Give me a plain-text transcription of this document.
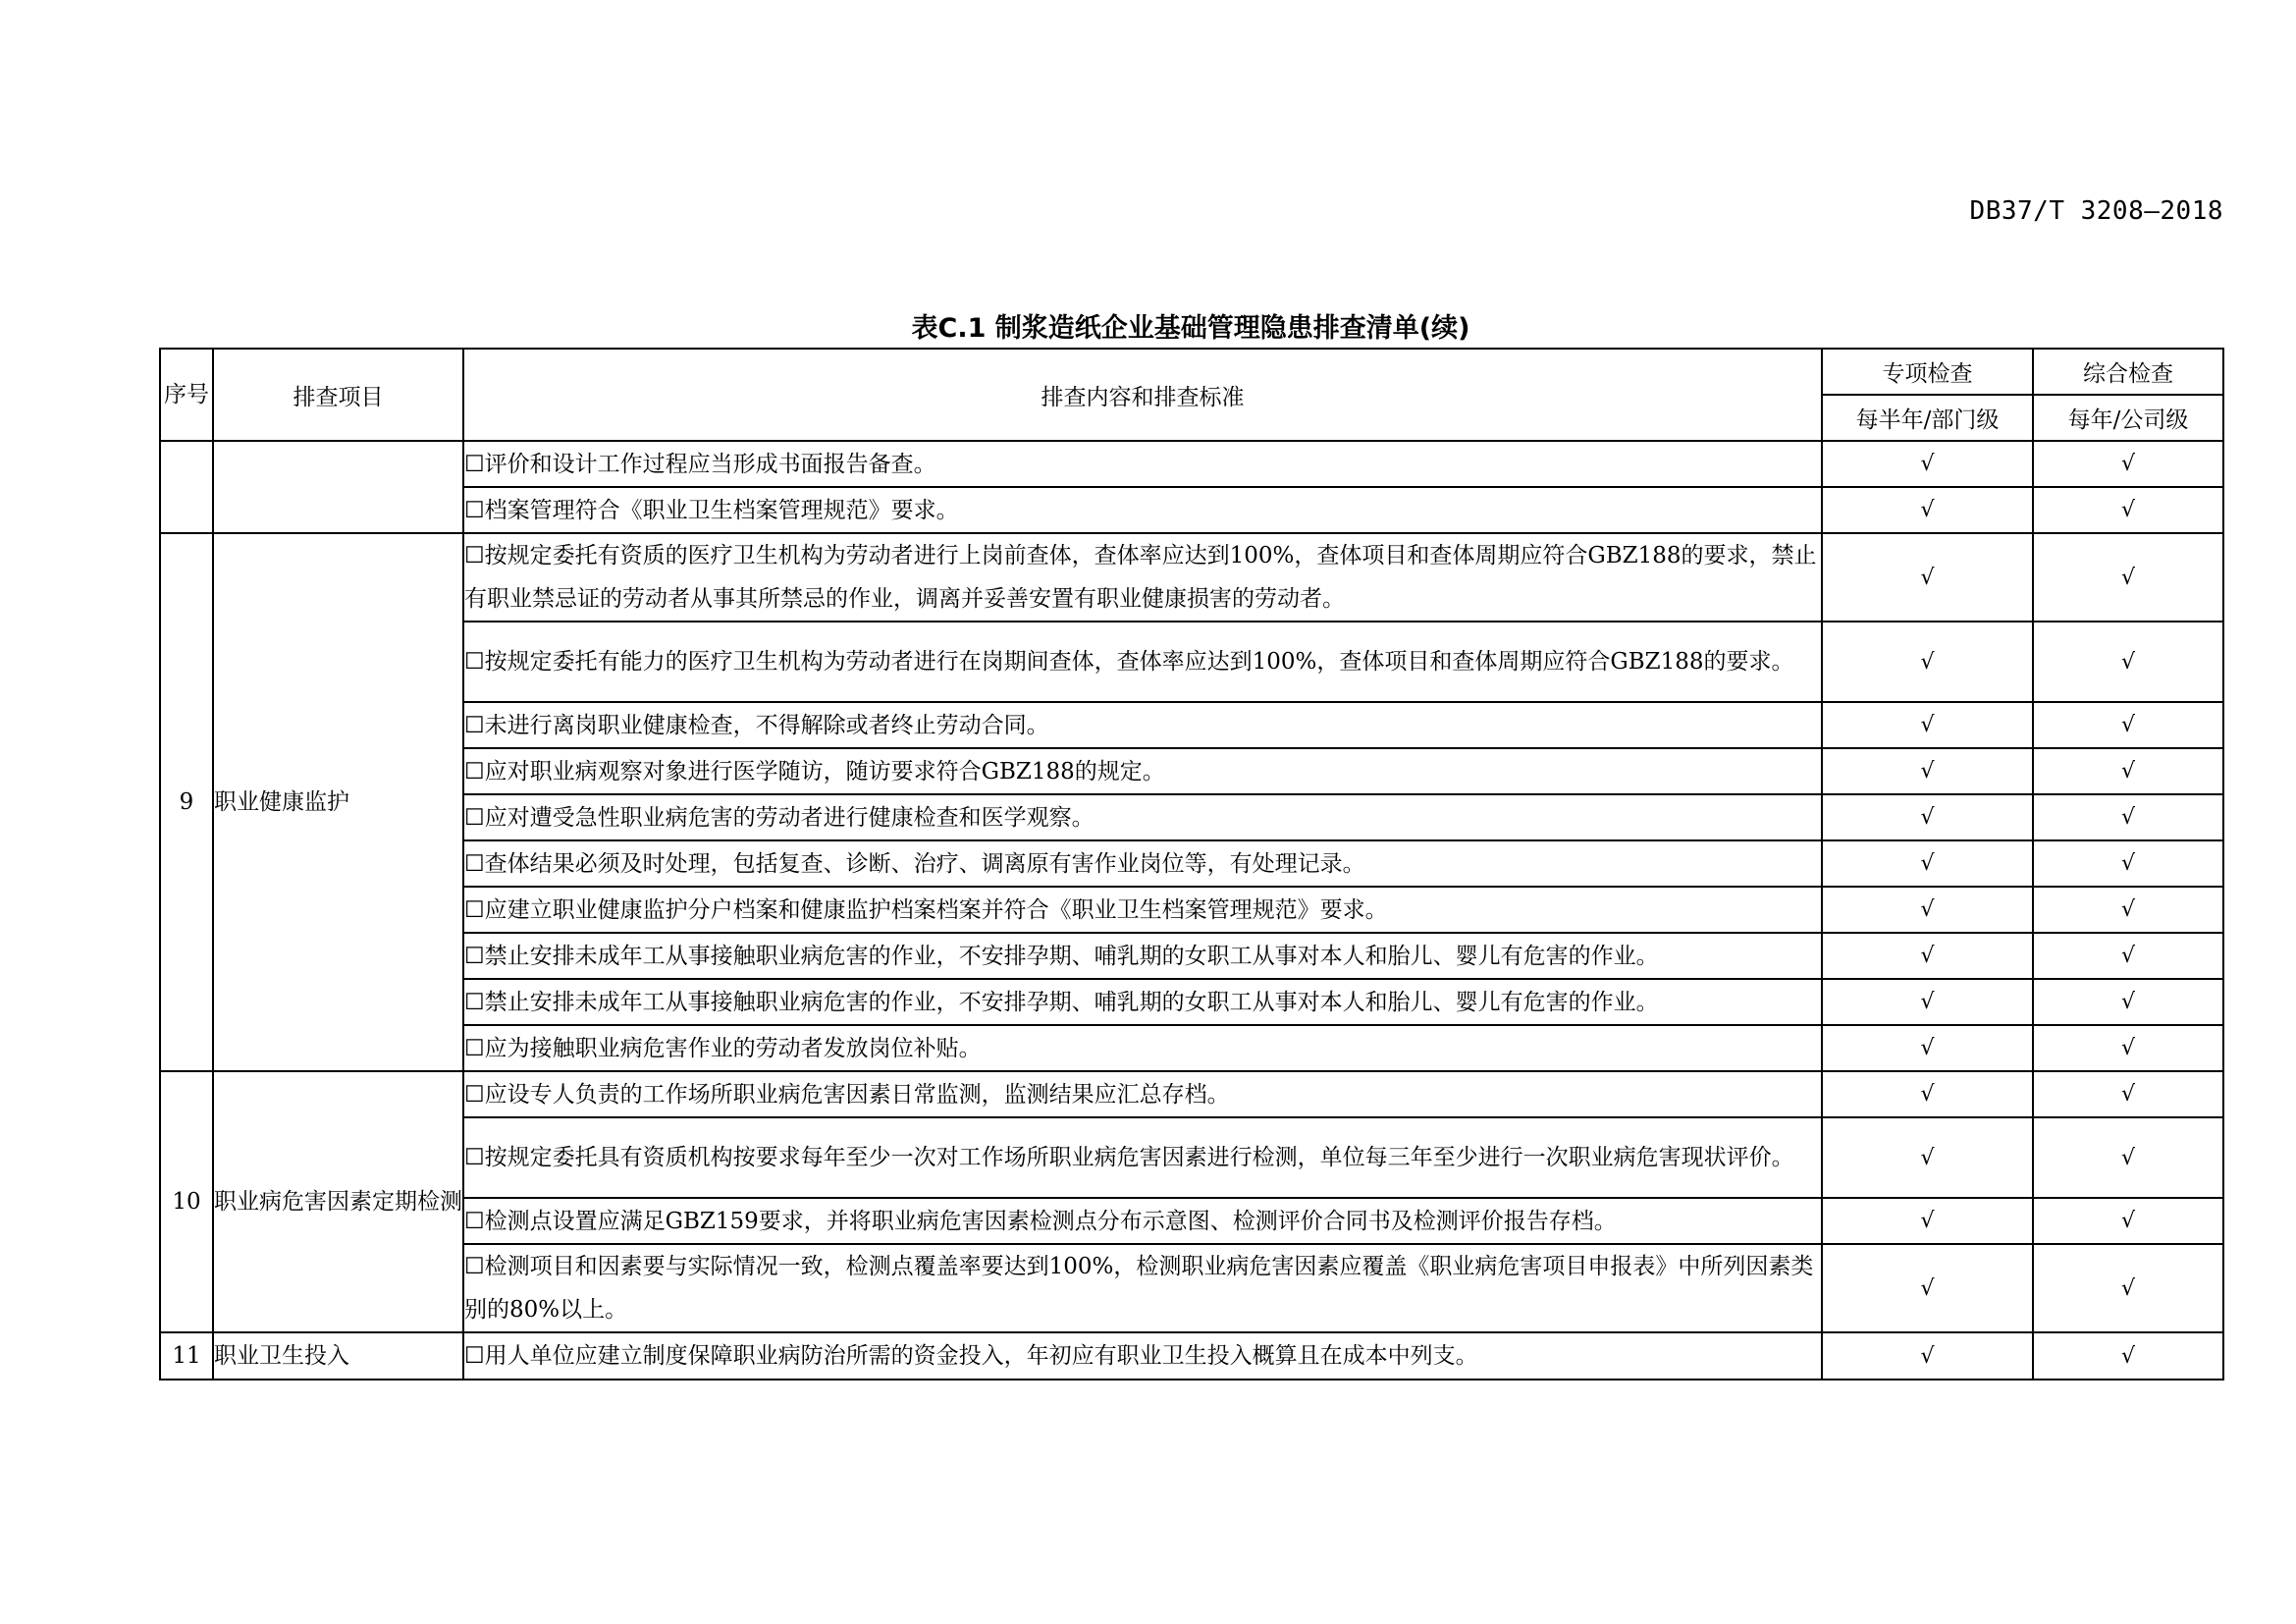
DB37/T 3208—2018
表C.1 制浆造纸企业基础管理隐患排查清单(续)
序号	排查项目	排查内容和排查标准	专项检查	综合检查
			每半年/部门级	每年/公司级
		☐评价和设计工作过程应当形成书面报告备查。	√	√
		☐档案管理符合《职业卫生档案管理规范》要求。	√	√
9	职业健康监护	☐按规定委托有资质的医疗卫生机构为劳动者进行上岗前查体，查体率应达到100%，查体项目和查体周期应符合GBZ188的要求，禁止有职业禁忌证的劳动者从事其所禁忌的作业，调离并妥善安置有职业健康损害的劳动者。	√	√
		☐按规定委托有能力的医疗卫生机构为劳动者进行在岗期间查体，查体率应达到100%，查体项目和查体周期应符合GBZ188的要求。	√	√
		☐未进行离岗职业健康检查，不得解除或者终止劳动合同。	√	√
		☐应对职业病观察对象进行医学随访，随访要求符合GBZ188的规定。	√	√
		☐应对遭受急性职业病危害的劳动者进行健康检查和医学观察。	√	√
		☐查体结果必须及时处理，包括复查、诊断、治疗、调离原有害作业岗位等，有处理记录。	√	√
		☐应建立职业健康监护分户档案和健康监护档案档案并符合《职业卫生档案管理规范》要求。	√	√
		☐禁止安排未成年工从事接触职业病危害的作业，不安排孕期、哺乳期的女职工从事对本人和胎儿、婴儿有危害的作业。	√	√
		☐禁止安排未成年工从事接触职业病危害的作业，不安排孕期、哺乳期的女职工从事对本人和胎儿、婴儿有危害的作业。	√	√
		☐应为接触职业病危害作业的劳动者发放岗位补贴。	√	√
10	职业病危害因素定期检测	☐应设专人负责的工作场所职业病危害因素日常监测，监测结果应汇总存档。	√	√
		☐按规定委托具有资质机构按要求每年至少一次对工作场所职业病危害因素进行检测，单位每三年至少进行一次职业病危害现状评价。	√	√
		☐检测点设置应满足GBZ159要求，并将职业病危害因素检测点分布示意图、检测评价合同书及检测评价报告存档。	√	√
		☐检测项目和因素要与实际情况一致，检测点覆盖率要达到100%，检测职业病危害因素应覆盖《职业病危害项目申报表》中所列因素类别的80%以上。	√	√
11	职业卫生投入	☐用人单位应建立制度保障职业病防治所需的资金投入，年初应有职业卫生投入概算且在成本中列支。	√	√
